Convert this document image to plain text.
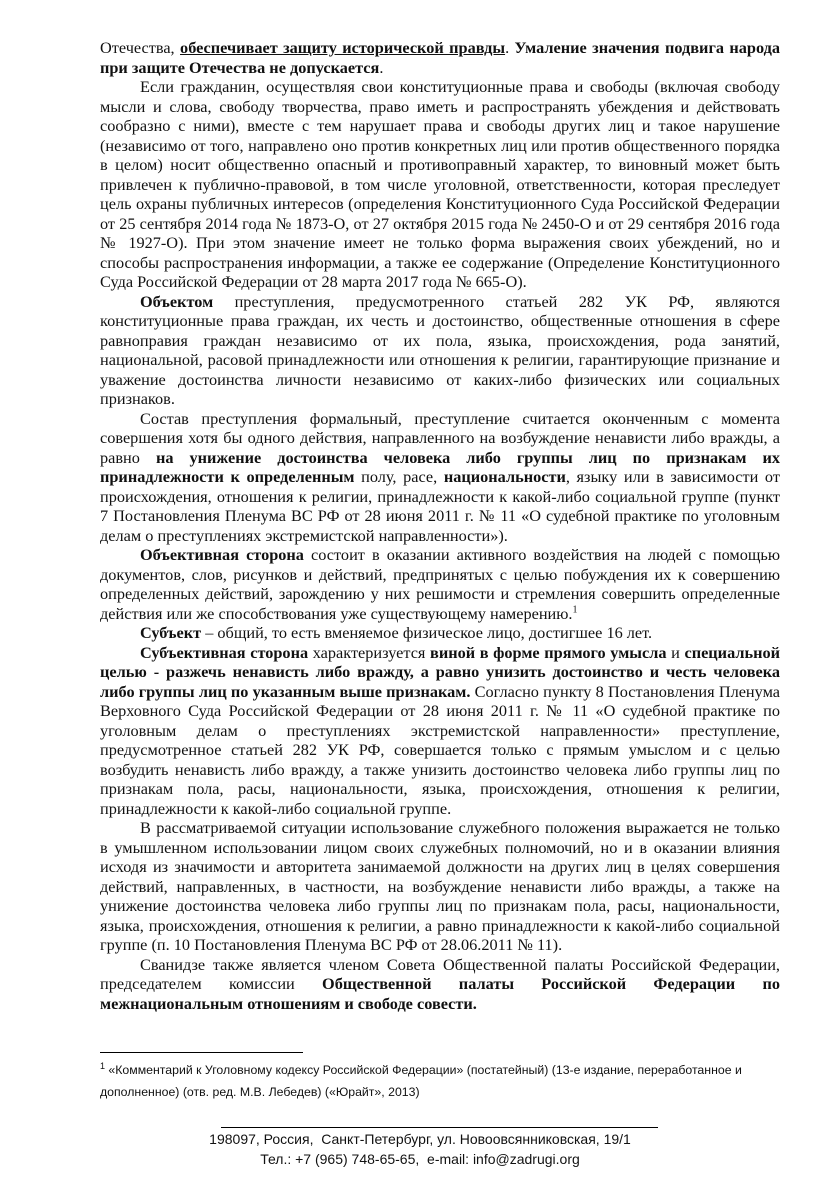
Отечества, обеспечивает защиту исторической правды. Умаление значения подвига народа при защите Отечества не допускается.

Если гражданин, осуществляя свои конституционные права и свободы (включая свободу мысли и слова, свободу творчества, право иметь и распространять убеждения и действовать сообразно с ними), вместе с тем нарушает права и свободы других лиц и такое нарушение (независимо от того, направлено оно против конкретных лиц или против общественного порядка в целом) носит общественно опасный и противоправный характер, то виновный может быть привлечен к публично-правовой, в том числе уголовной, ответственности, которая преследует цель охраны публичных интересов (определения Конституционного Суда Российской Федерации от 25 сентября 2014 года № 1873-О, от 27 октября 2015 года № 2450-О и от 29 сентября 2016 года № 1927-О). При этом значение имеет не только форма выражения своих убеждений, но и способы распространения информации, а также ее содержание (Определение Конституционного Суда Российской Федерации от 28 марта 2017 года № 665-О).

Объектом преступления, предусмотренного статьей 282 УК РФ, являются конституционные права граждан, их честь и достоинство, общественные отношения в сфере равноправия граждан независимо от их пола, языка, происхождения, рода занятий, национальной, расовой принадлежности или отношения к религии, гарантирующие признание и уважение достоинства личности независимо от каких-либо физических или социальных признаков.

Состав преступления формальный, преступление считается оконченным с момента совершения хотя бы одного действия, направленного на возбуждение ненависти либо вражды, а равно на унижение достоинства человека либо группы лиц по признакам их принадлежности к определенным полу, расе, национальности, языку или в зависимости от происхождения, отношения к религии, принадлежности к какой-либо социальной группе (пункт 7 Постановления Пленума ВС РФ от 28 июня 2011 г. № 11 «О судебной практике по уголовным делам о преступлениях экстремистской направленности»).

Объективная сторона состоит в оказании активного воздействия на людей с помощью документов, слов, рисунков и действий, предпринятых с целью побуждения их к совершению определенных действий, зарождению у них решимости и стремления совершить определенные действия или же способствования уже существующему намерению.$^1$

Субъект – общий, то есть вменяемое физическое лицо, достигшее 16 лет.

Субъективная сторона характеризуется виной в форме прямого умысла и специальной целью - разжечь ненависть либо вражду, а равно унизить достоинство и честь человека либо группы лиц по указанным выше признакам. Согласно пункту 8 Постановления Пленума Верховного Суда Российской Федерации от 28 июня 2011 г. № 11 «О судебной практике по уголовным делам о преступлениях экстремистской направленности» преступление, предусмотренное статьей 282 УК РФ, совершается только с прямым умыслом и с целью возбудить ненависть либо вражду, а также унизить достоинство человека либо группы лиц по признакам пола, расы, национальности, языка, происхождения, отношения к религии, принадлежности к какой-либо социальной группе.

В рассматриваемой ситуации использование служебного положения выражается не только в умышленном использовании лицом своих служебных полномочий, но и в оказании влияния исходя из значимости и авторитета занимаемой должности на других лиц в целях совершения действий, направленных, в частности, на возбуждение ненависти либо вражды, а также на унижение достоинства человека либо группы лиц по признакам пола, расы, национальности, языка, происхождения, отношения к религии, а равно принадлежности к какой-либо социальной группе (п. 10 Постановления Пленума ВС РФ от 28.06.2011 № 11).

Сванидзе также является членом Совета Общественной палаты Российской Федерации, председателем комиссии Общественной палаты Российской Федерации по межнациональным отношениям и свободе совести.

$^1$ «Комментарий к Уголовному кодексу Российской Федерации» (постатейный) (13-е издание, переработанное и дополненное) (отв. ред. М.В. Лебедев) («Юрайт», 2013)
198097, Россия,  Санкт-Петербург, ул. Новоовсянниковская, 19/1
Тел.: +7 (965) 748-65-65,  e-mail: info@zadrugi.org
